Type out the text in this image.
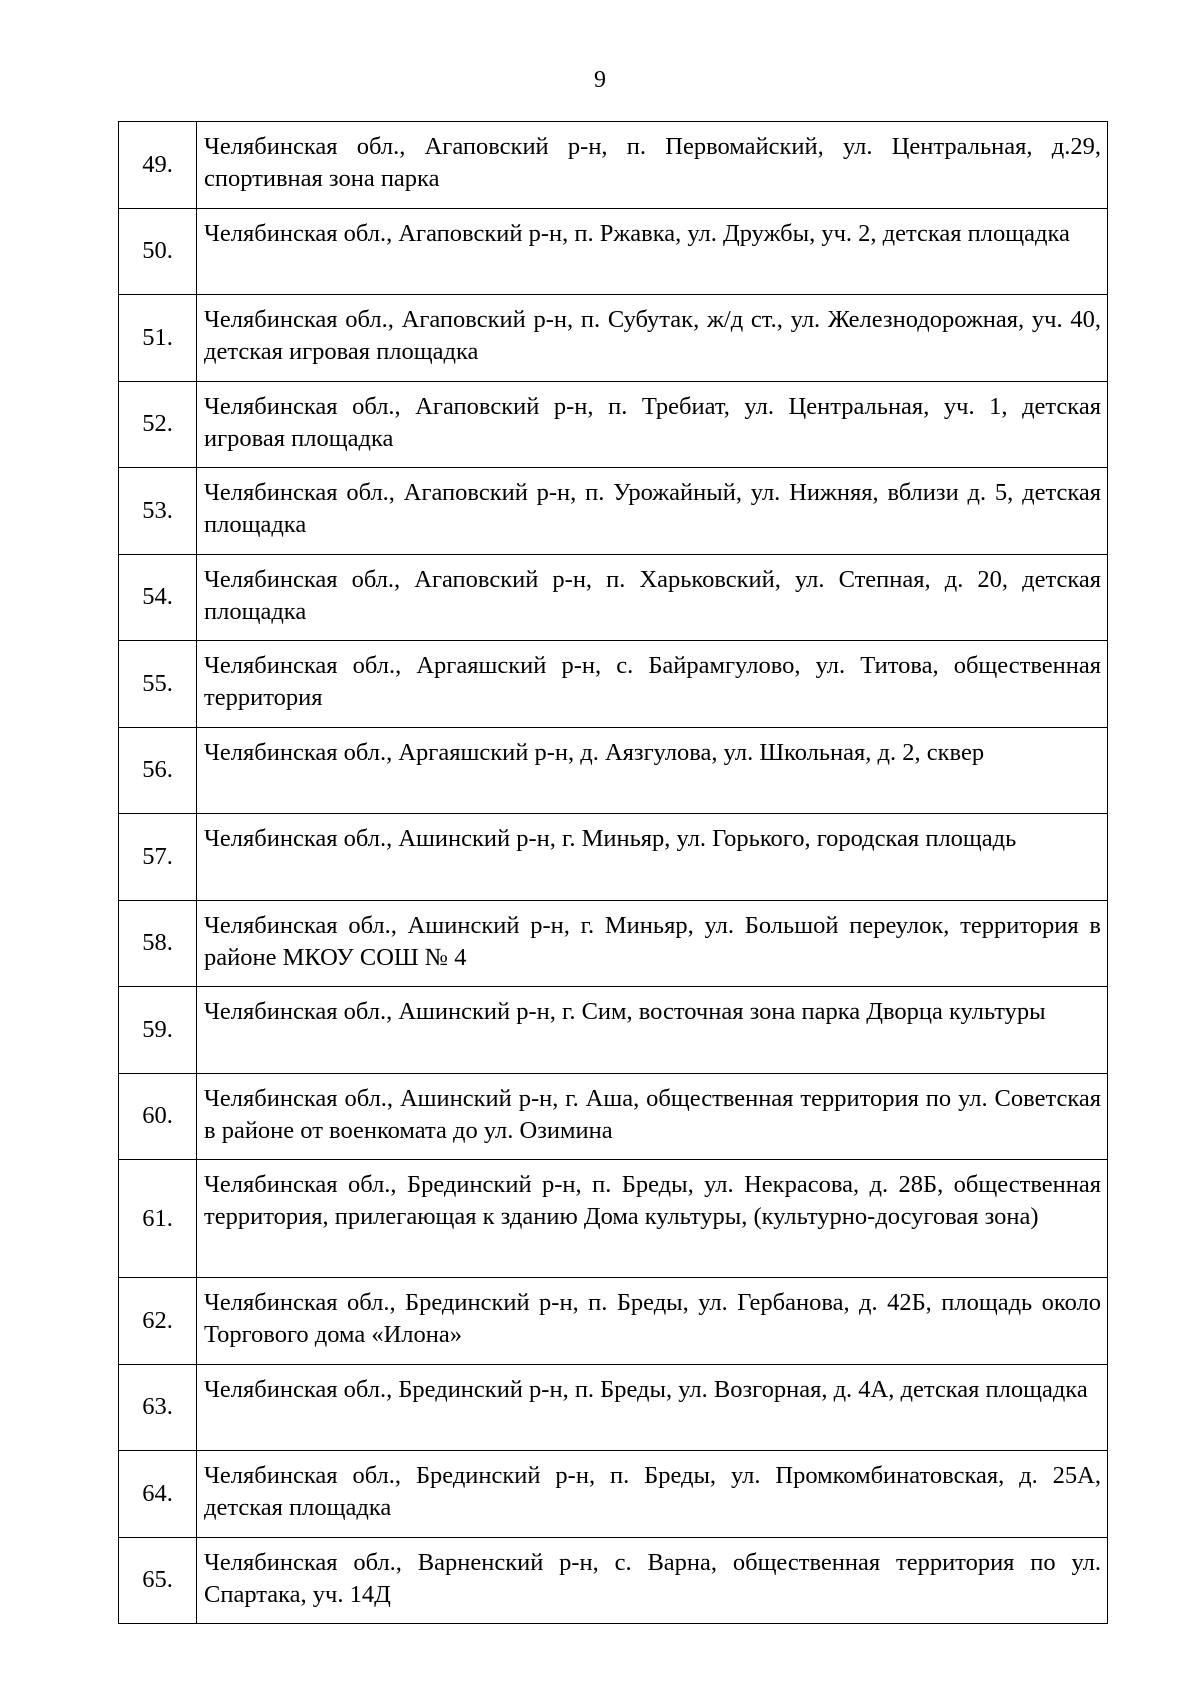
9
49.	Челябинская обл., Агаповский р-н, п. Первомайский, ул. Центральная, д.29, спортивная зона парка
50.	Челябинская обл., Агаповский р-н, п. Ржавка, ул. Дружбы, уч. 2, детская площадка
51.	Челябинская обл., Агаповский р-н, п. Субутак, ж/д ст., ул. Железнодорожная, уч. 40, детская игровая площадка
52.	Челябинская обл., Агаповский р-н, п. Требиат, ул. Центральная, уч. 1, детская игровая площадка
53.	Челябинская обл., Агаповский р-н, п. Урожайный, ул. Нижняя, вблизи д. 5, детская площадка
54.	Челябинская обл., Агаповский р-н, п. Харьковский, ул. Степная, д. 20, детская площадка
55.	Челябинская обл., Аргаяшский р-н, с. Байрамгулово, ул. Титова, общественная территория
56.	Челябинская обл., Аргаяшский р-н, д. Аязгулова, ул. Школьная, д. 2, сквер
57.	Челябинская обл., Ашинский р-н, г. Миньяр, ул. Горького, городская площадь
58.	Челябинская обл., Ашинский р-н, г. Миньяр, ул. Большой переулок, территория в районе МКОУ СОШ № 4
59.	Челябинская обл., Ашинский р-н, г. Сим, восточная зона парка Дворца культуры
60.	Челябинская обл., Ашинский р-н, г. Аша, общественная территория по ул. Советская в районе от военкомата до ул. Озимина
61.	Челябинская обл., Брединский р-н, п. Бреды, ул. Некрасова, д. 28Б, общественная территория, прилегающая к зданию Дома культуры, (культурно-досуговая зона)
62.	Челябинская обл., Брединский р-н, п. Бреды, ул. Гербанова, д. 42Б, площадь около Торгового дома «Илона»
63.	Челябинская обл., Брединский р-н, п. Бреды, ул. Возгорная, д. 4А, детская площадка
64.	Челябинская обл., Брединский р-н, п. Бреды, ул. Промкомбинатовская, д. 25А, детская площадка
65.	Челябинская обл., Варненский р-н, с. Варна, общественная территория по ул. Спартака, уч. 14Д
